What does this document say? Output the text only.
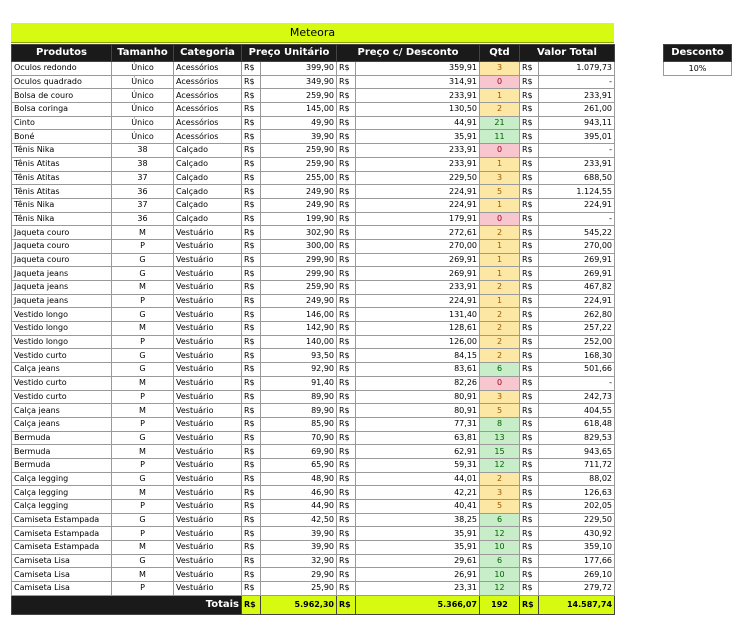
Meteora
Produtos	Tamanho	Categoria	Preço Unitário		Preço c/ Desconto		Qtd	Valor Total	
Oculos redondo	Único	Acessórios	R$	399,90	R$	359,91	3	R$	1.079,73
Oculos quadrado	Único	Acessórios	R$	349,90	R$	314,91	0	R$	-
Bolsa de couro	Único	Acessórios	R$	259,90	R$	233,91	1	R$	233,91
Bolsa coringa	Único	Acessórios	R$	145,00	R$	130,50	2	R$	261,00
Cinto	Único	Acessórios	R$	49,90	R$	44,91	21	R$	943,11
Boné	Único	Acessórios	R$	39,90	R$	35,91	11	R$	395,01
Tênis Nika	38	Calçado	R$	259,90	R$	233,91	0	R$	-
Tênis Atitas	38	Calçado	R$	259,90	R$	233,91	1	R$	233,91
Tênis Atitas	37	Calçado	R$	255,00	R$	229,50	3	R$	688,50
Tênis Atitas	36	Calçado	R$	249,90	R$	224,91	5	R$	1.124,55
Tênis Nika	37	Calçado	R$	249,90	R$	224,91	1	R$	224,91
Tênis Nika	36	Calçado	R$	199,90	R$	179,91	0	R$	-
Jaqueta couro	M	Vestuário	R$	302,90	R$	272,61	2	R$	545,22
Jaqueta couro	P	Vestuário	R$	300,00	R$	270,00	1	R$	270,00
Jaqueta couro	G	Vestuário	R$	299,90	R$	269,91	1	R$	269,91
Jaqueta jeans	G	Vestuário	R$	299,90	R$	269,91	1	R$	269,91
Jaqueta jeans	M	Vestuário	R$	259,90	R$	233,91	2	R$	467,82
Jaqueta jeans	P	Vestuário	R$	249,90	R$	224,91	1	R$	224,91
Vestido longo	G	Vestuário	R$	146,00	R$	131,40	2	R$	262,80
Vestido longo	M	Vestuário	R$	142,90	R$	128,61	2	R$	257,22
Vestido longo	P	Vestuário	R$	140,00	R$	126,00	2	R$	252,00
Vestido curto	G	Vestuário	R$	93,50	R$	84,15	2	R$	168,30
Calça jeans	G	Vestuário	R$	92,90	R$	83,61	6	R$	501,66
Vestido curto	M	Vestuário	R$	91,40	R$	82,26	0	R$	-
Vestido curto	P	Vestuário	R$	89,90	R$	80,91	3	R$	242,73
Calça jeans	M	Vestuário	R$	89,90	R$	80,91	5	R$	404,55
Calça jeans	P	Vestuário	R$	85,90	R$	77,31	8	R$	618,48
Bermuda	G	Vestuário	R$	70,90	R$	63,81	13	R$	829,53
Bermuda	M	Vestuário	R$	69,90	R$	62,91	15	R$	943,65
Bermuda	P	Vestuário	R$	65,90	R$	59,31	12	R$	711,72
Calça legging	G	Vestuário	R$	48,90	R$	44,01	2	R$	88,02
Calça legging	M	Vestuário	R$	46,90	R$	42,21	3	R$	126,63
Calça legging	P	Vestuário	R$	44,90	R$	40,41	5	R$	202,05
Camiseta Estampada	G	Vestuário	R$	42,50	R$	38,25	6	R$	229,50
Camiseta Estampada	P	Vestuário	R$	39,90	R$	35,91	12	R$	430,92
Camiseta Estampada	M	Vestuário	R$	39,90	R$	35,91	10	R$	359,10
Camiseta Lisa	G	Vestuário	R$	32,90	R$	29,61	6	R$	177,66
Camiseta Lisa	M	Vestuário	R$	29,90	R$	26,91	10	R$	269,10
Camiseta Lisa	P	Vestuário	R$	25,90	R$	23,31	12	R$	279,72
Totais			R$	5.962,30	R$	5.366,07	192	R$	14.587,74
Desconto
10%
